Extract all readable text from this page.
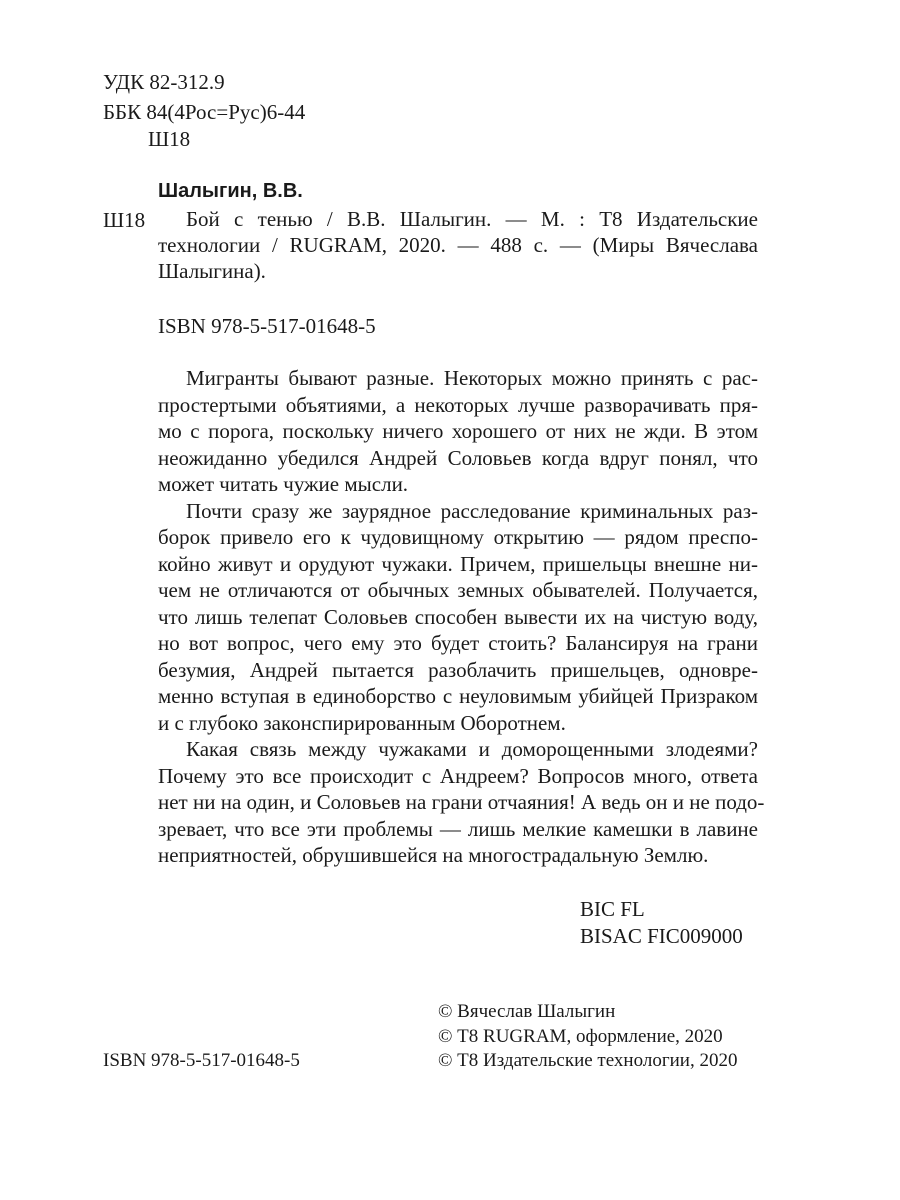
УДК 82-312.9
ББК 84(4Рос=Рус)6-44
Ш18
Шалыгин, В.В.
Ш18 Бой с тенью / В.В. Шалыгин. — М. : Т8 Издательские
технологии / RUGRAM, 2020. — 488 с. — (Миры Вячеслава
Шалыгина).
ISBN 978-5-517-01648-5
Мигранты бывают разные. Некоторых можно принять с рас-
простертыми объятиями, а некоторых лучше разворачивать пря-
мо с порога, поскольку ничего хорошего от них не жди. В этом
неожиданно убедился Андрей Соловьев когда вдруг понял, что
может читать чужие мысли.
Почти сразу же заурядное расследование криминальных раз-
борок привело его к чудовищному открытию — рядом преспо-
койно живут и орудуют чужаки. Причем, пришельцы внешне ни-
чем не отличаются от обычных земных обывателей. Получается,
что лишь телепат Соловьев способен вывести их на чистую воду,
но вот вопрос, чего ему это будет стоить? Балансируя на грани
безумия, Андрей пытается разоблачить пришельцев, одновре-
менно вступая в единоборство с неуловимым убийцей Призраком
и с глубоко законспирированным Оборотнем.
Какая связь между чужаками и доморощенными злодеями?
Почему это все происходит с Андреем? Вопросов много, ответа
нет ни на один, и Соловьев на грани отчаяния! А ведь он и не подо-
зревает, что все эти проблемы — лишь мелкие камешки в лавине
неприятностей, обрушившейся на многострадальную Землю.
BIC FL
BISAC FIC009000
© Вячеслав Шалыгин
© Т8 RUGRAM, оформление, 2020
© Т8 Издательские технологии, 2020
ISBN 978-5-517-01648-5
